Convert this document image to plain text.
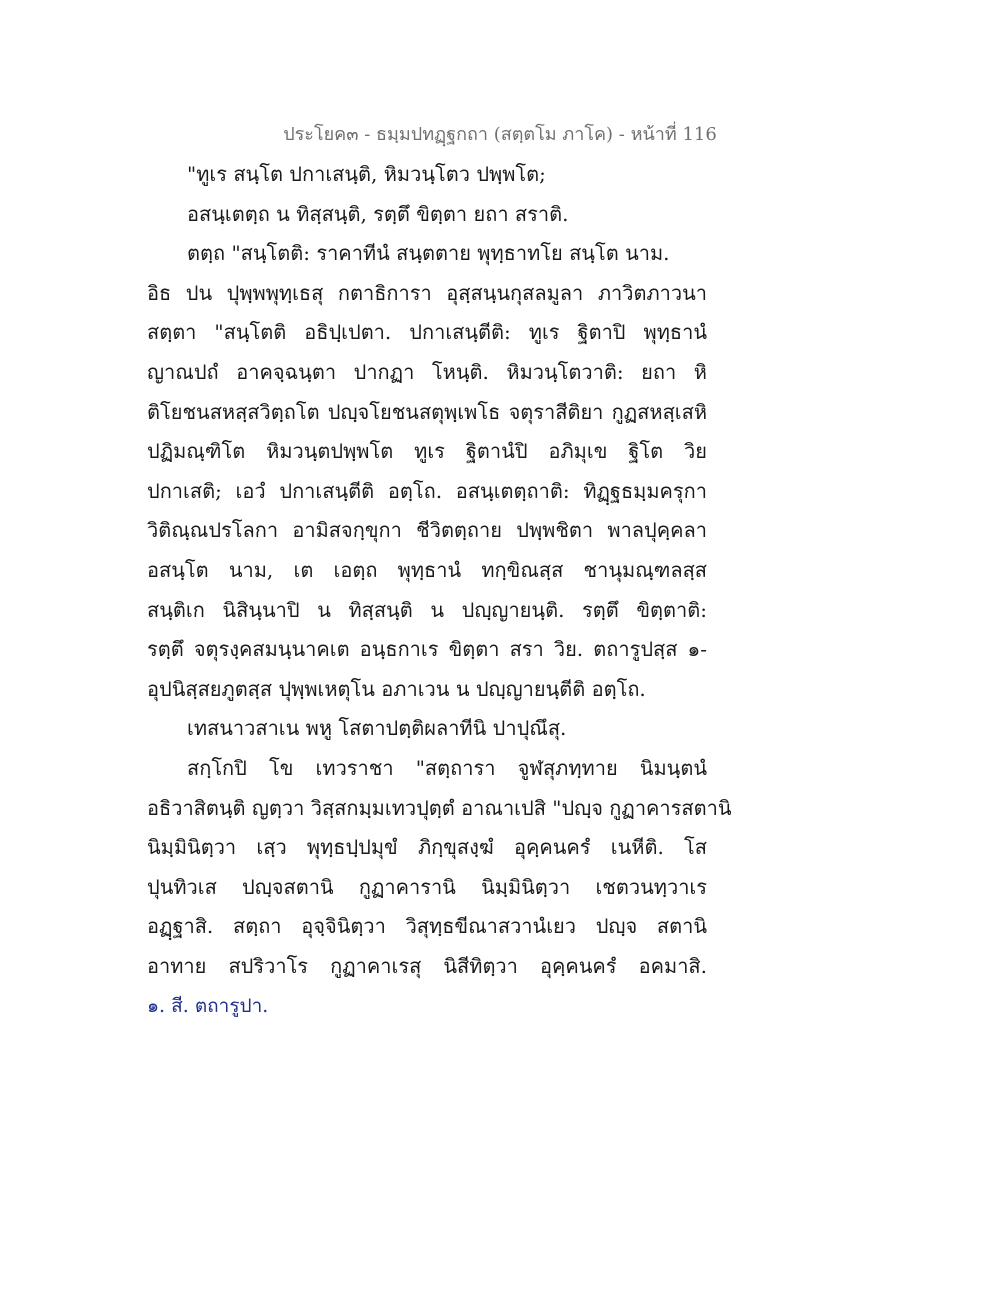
ประโยค๓ - ธมฺมปทฏฺฐกถา (สตฺตโม ภาโค) - หน้าที่ 116
"ทูเร สนฺโต ปกาเสนฺติ, หิมวนฺโตว ปพฺพโต;
อสนฺเตตฺถ น ทิสฺสนฺติ, รตฺตึ ขิตฺตา ยถา สราติ.
ตตฺถ "สนฺโตติ: ราคาทีนํ สนฺตตาย พุทฺธาทโย สนฺโต นาม.
อิธ ปน ปุพฺพพุทฺเธสุ กตาธิการา อุสฺสนฺนกุสลมูลา ภาวิตภาวนา
สตฺตา "สนฺโตติ อธิปฺเปตา. ปกาเสนฺตีติ: ทูเร ฐิตาปิ พุทฺธานํ
ญาณปถํ อาคจฺฉนฺตา ปากฏา โหนฺติ. หิมวนฺโตวาติ: ยถา หิ
ติโยชนสหสฺสวิตฺถโต ปญฺจโยชนสตุพฺเพโธ จตุราสีติยา กูฏสหสฺเสหิ
ปฏิมณฺฑิโต หิมวนฺตปพฺพโต ทูเร ฐิตานํปิ อภิมุเข ฐิโต วิย
ปกาเสติ; เอวํ ปกาเสนฺตีติ อตฺโถ. อสนฺเตตฺถาติ: ทิฏฺฐธมฺมครุกา
วิติณฺณปรโลกา อามิสจกฺขุกา ชีวิตตฺถาย ปพฺพชิตา พาลปุคฺคลา
อสนฺโต นาม, เต เอตฺถ พุทฺธานํ ทกฺขิณสฺส ชานุมณฺฑลสฺส
สนฺติเก นิสินฺนาปิ น ทิสฺสนฺติ น ปญฺญายนฺติ. รตฺตึ ขิตฺตาติ:
รตฺตึ จตุรงฺคสมนฺนาคเต อนฺธกาเร ขิตฺตา สรา วิย. ตถารูปสฺส ๑-
อุปนิสฺสยภูตสฺส ปุพฺพเหตุโน อภาเวน น ปญฺญายนฺตีติ อตฺโถ.
เทสนาวสาเน พหู โสตาปตฺติผลาทีนิ ปาปุณึสุ.
สกฺโกปิ โข เทวราชา "สตฺถารา จูฬสุภทฺทาย นิมนฺตนํ
อธิวาสิตนฺติ ญตฺวา วิสฺสกมฺมเทวปุตฺตํ อาณาเปสิ "ปญฺจ กูฏาคารสตานิ
นิมฺมินิตฺวา เสฺว พุทฺธปฺปมุขํ ภิกฺขุสงฺฆํ อุคฺคนครํ เนหีติ. โส
ปุนทิวเส ปญฺจสตานิ กูฏาคารานิ นิมฺมินิตฺวา เชตวนทฺวาเร
อฏฺฐาสิ. สตฺถา อุจฺจินิตฺวา วิสุทฺธขีณาสวานํเยว ปญฺจ สตานิ
อาทาย สปริวาโร กูฏาคาเรสุ นิสีทิตฺวา อุคฺคนครํ อคมาสิ.
๑. สี. ตถารูปา.
